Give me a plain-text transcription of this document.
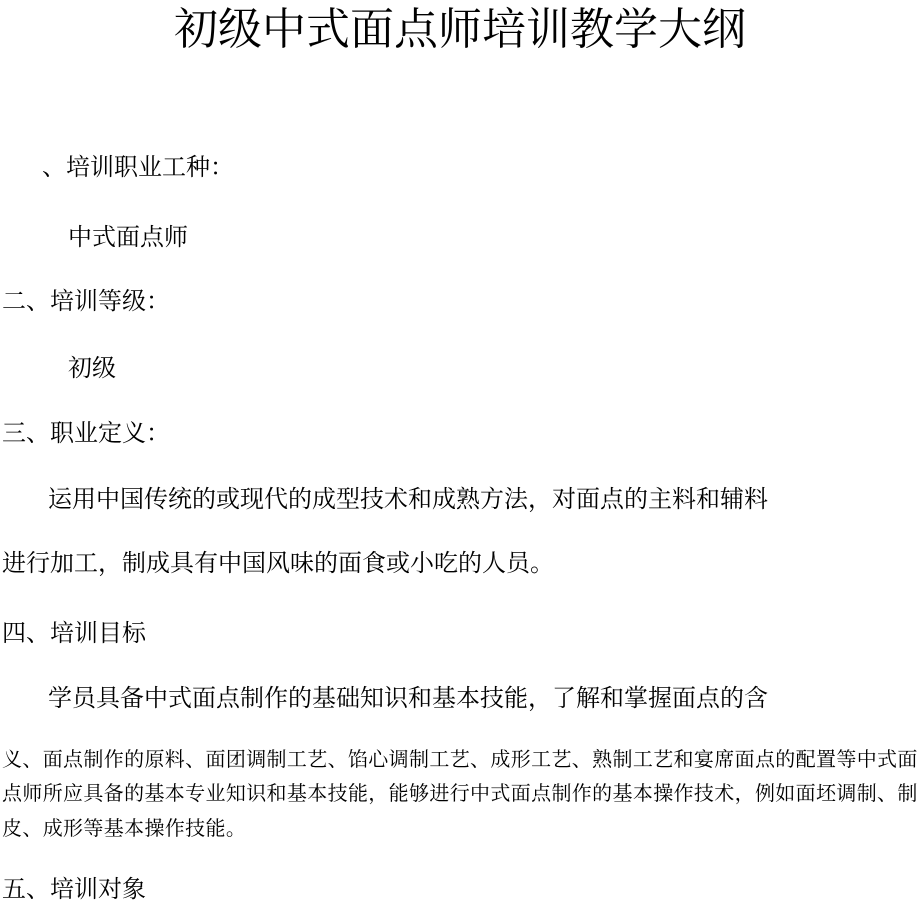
初级中式面点师培训教学大纲
、培训职业工种：
中式面点师
二、培训等级：
初级
三、职业定义：
运用中国传统的或现代的成型技术和成熟方法，对面点的主料和辅料
进行加工，制成具有中国风味的面食或小吃的人员。
四、培训目标
学员具备中式面点制作的基础知识和基本技能，了解和掌握面点的含
义、面点制作的原料、面团调制工艺、馅心调制工艺、成形工艺、熟制工艺和宴席面点的配置等中式面
点师所应具备的基本专业知识和基本技能，能够进行中式面点制作的基本操作技术，例如面坯调制、制
皮、成形等基本操作技能。
五、培训对象
